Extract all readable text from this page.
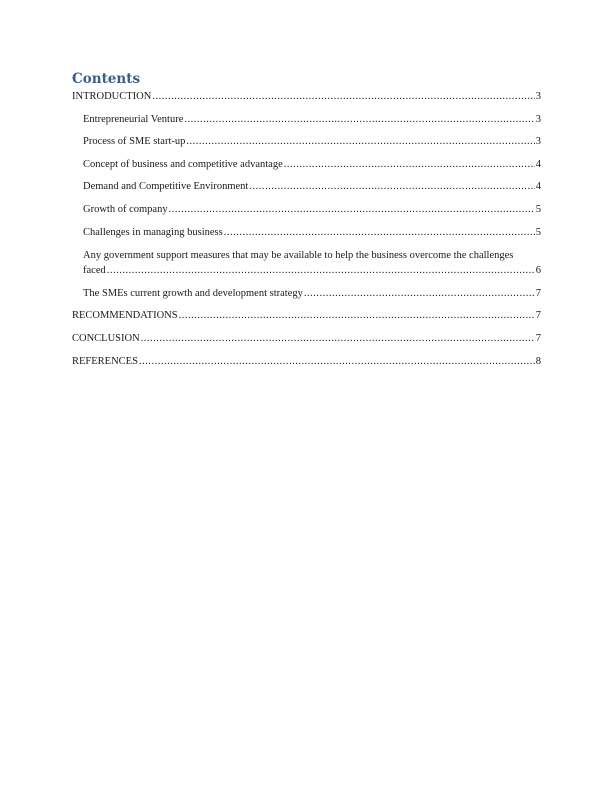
Contents
INTRODUCTION .....	3
Entrepreneurial Venture .....	3
Process of SME start-up .....	3
Concept of business and competitive advantage .....	4
Demand and Competitive Environment .....	4
Growth of company .....	5
Challenges in managing business .....	5
Any government support measures that may be available to help the business overcome the challenges
faced .....	6
The SMEs current growth and development strategy .....	7
RECOMMENDATIONS .....	7
CONCLUSION .....	7
REFERENCES .....	8
